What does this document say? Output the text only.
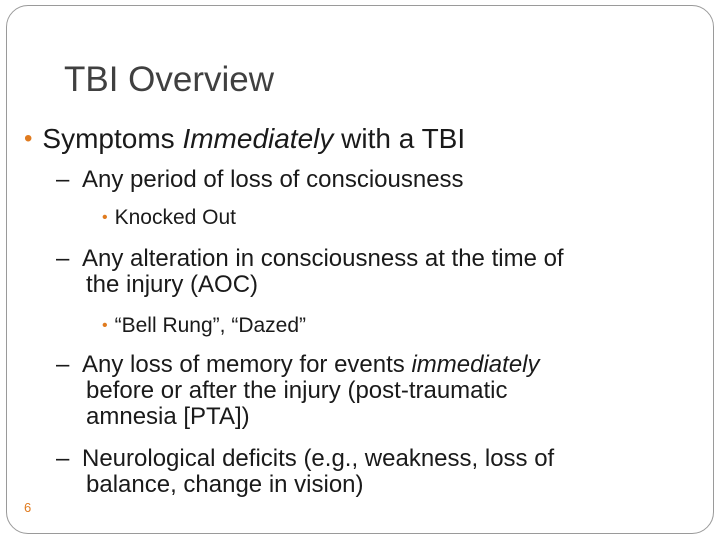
TBI Overview
• Symptoms Immediately with a TBI
– Any period of loss of consciousness
• Knocked Out
– Any alteration in consciousness at the time of
the injury (AOC)
• “Bell Rung”, “Dazed”
– Any loss of memory for events immediately
before or after the injury (post-traumatic
amnesia [PTA])
– Neurological deficits (e.g., weakness, loss of
balance, change in vision)
6
